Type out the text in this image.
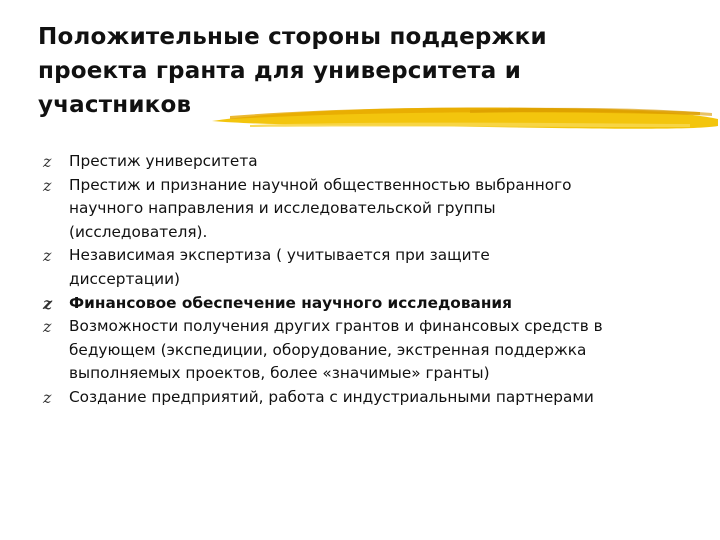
Положительные стороны поддержки
проекта гранта для университета и
участников
z Престиж университета
z Престиж и признание научной общественностью выбранного
научного направления и исследовательской группы
(исследователя).
z Независимая экспертиза ( учитывается при защите
диссертации)
z Финансовое обеспечение научного исследования
z Возможности получения других грантов и финансовых средств в
бедующем (экспедиции, оборудование, экстренная поддержка
выполняемых проектов, более «значимые» гранты)
z Создание предприятий, работа с индустриальными партнерами
